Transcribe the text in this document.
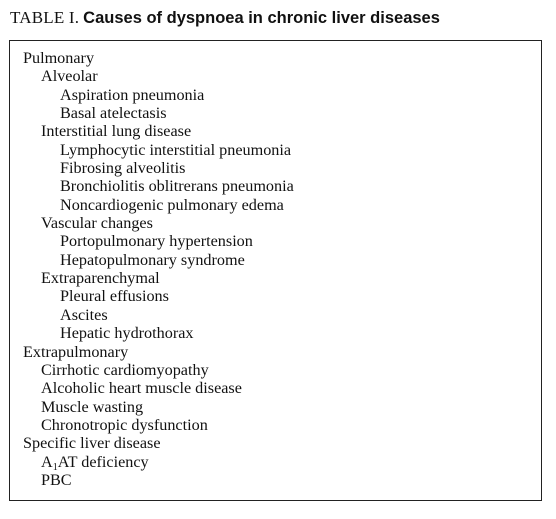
TABLE I. Causes of dyspnoea in chronic liver diseases
Pulmonary
Alveolar
Aspiration pneumonia
Basal atelectasis
Interstitial lung disease
Lymphocytic interstitial pneumonia
Fibrosing alveolitis
Bronchiolitis oblitrerans pneumonia
Noncardiogenic pulmonary edema
Vascular changes
Portopulmonary hypertension
Hepatopulmonary syndrome
Extraparenchymal
Pleural effusions
Ascites
Hepatic hydrothorax
Extrapulmonary
Cirrhotic cardiomyopathy
Alcoholic heart muscle disease
Muscle wasting
Chronotropic dysfunction
Specific liver disease
A1AT deficiency
PBC
